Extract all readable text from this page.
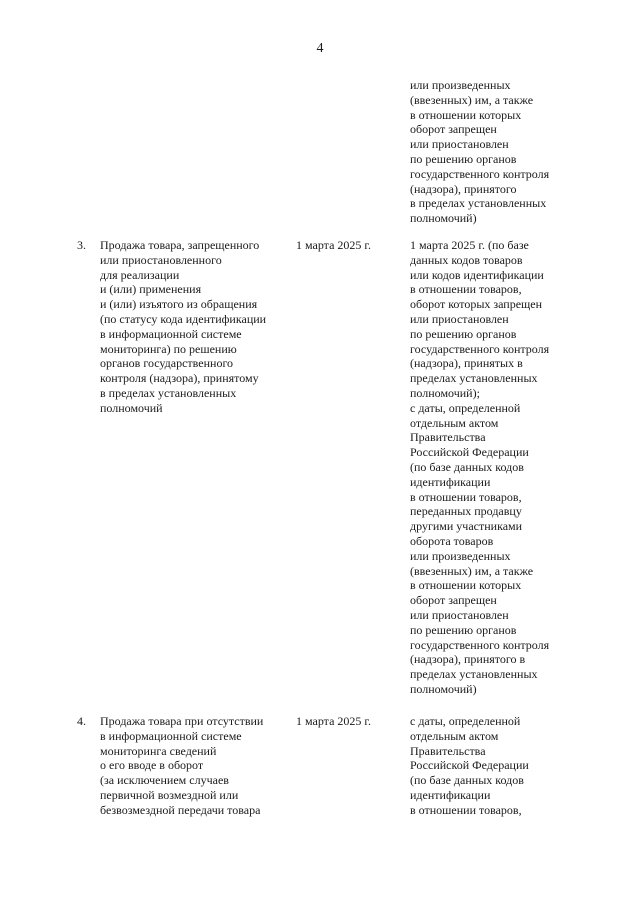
4
или произведенных
(ввезенных) им, а также
в отношении которых
оборот запрещен
или приостановлен
по решению органов
государственного контроля
(надзора), принятого
в пределах установленных
полномочий)
3. Продажа товара, запрещенного
или приостановленного
для реализации
и (или) применения
и (или) изъятого из обращения
(по статусу кода идентификации
в информационной системе
мониторинга) по решению
органов государственного
контроля (надзора), принятому
в пределах установленных
полномочий
1 марта 2025 г.	1 марта 2025 г. (по базе
данных кодов товаров
или кодов идентификации
в отношении товаров,
оборот которых запрещен
или приостановлен
по решению органов
государственного контроля
(надзора), принятых в
пределах установленных
полномочий);
с даты, определенной
отдельным актом
Правительства
Российской Федерации
(по базе данных кодов
идентификации
в отношении товаров,
переданных продавцу
другими участниками
оборота товаров
или произведенных
(ввезенных) им, а также
в отношении которых
оборот запрещен
или приостановлен
по решению органов
государственного контроля
(надзора), принятого в
пределах установленных
полномочий)
4. Продажа товара при отсутствии
в информационной системе
мониторинга сведений
о его вводе в оборот
(за исключением случаев
первичной возмездной или
безвозмездной передачи товара
1 марта 2025 г.	с даты, определенной
отдельным актом
Правительства
Российской Федерации
(по базе данных кодов
идентификации
в отношении товаров,
